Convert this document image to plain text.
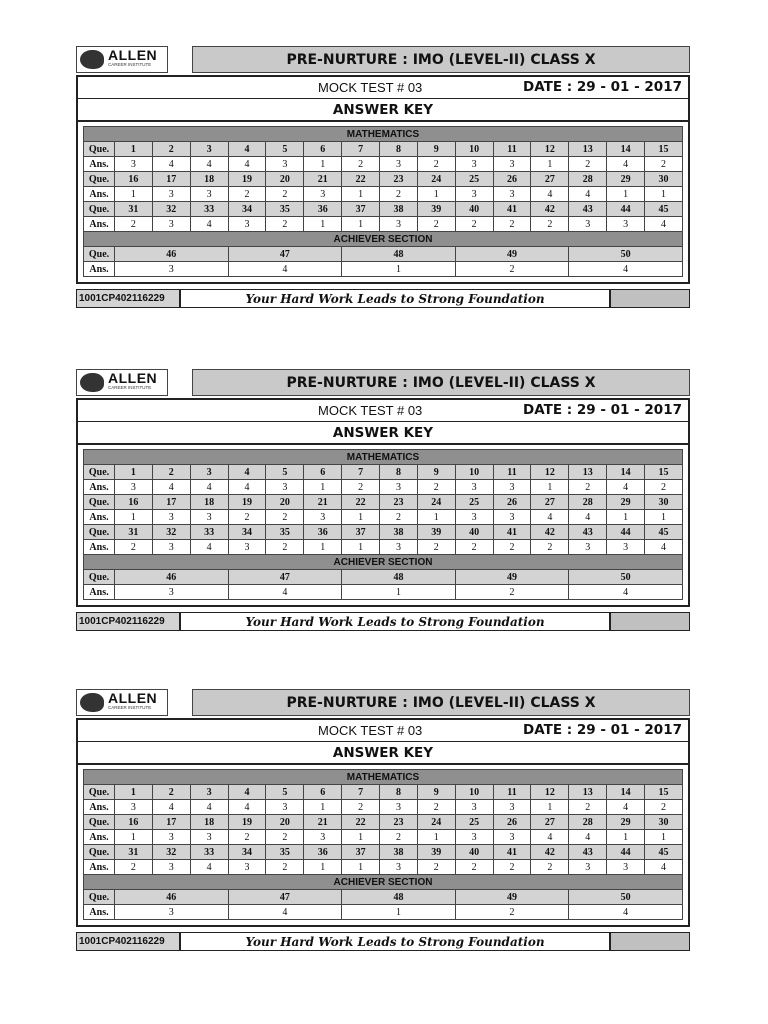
ALLEN
CAREER INSTITUTE	PRE-NURTURE : IMO (LEVEL-II) CLASS X
MOCK TEST # 03	DATE : 29 - 01 - 2017
ANSWER KEY
MATHEMATICS															
Que.	1	2	3	4	5	6	7	8	9	10	11	12	13	14	15
Ans.	3	4	4	4	3	1	2	3	2	3	3	1	2	4	2
Que.	16	17	18	19	20	21	22	23	24	25	26	27	28	29	30
Ans.	1	3	3	2	2	3	1	2	1	3	3	4	4	1	1
Que.	31	32	33	34	35	36	37	38	39	40	41	42	43	44	45
Ans.	2	3	4	3	2	1	1	3	2	2	2	2	3	3	4
ACHIEVER SECTION															
Que.	46			47			48			49			50		
Ans.	3			4			1			2			4		
1001CP402116229	Your Hard Work Leads to Strong Foundation
ALLEN
CAREER INSTITUTE	PRE-NURTURE : IMO (LEVEL-II) CLASS X
MOCK TEST # 03	DATE : 29 - 01 - 2017
ANSWER KEY
MATHEMATICS															
Que.	1	2	3	4	5	6	7	8	9	10	11	12	13	14	15
Ans.	3	4	4	4	3	1	2	3	2	3	3	1	2	4	2
Que.	16	17	18	19	20	21	22	23	24	25	26	27	28	29	30
Ans.	1	3	3	2	2	3	1	2	1	3	3	4	4	1	1
Que.	31	32	33	34	35	36	37	38	39	40	41	42	43	44	45
Ans.	2	3	4	3	2	1	1	3	2	2	2	2	3	3	4
ACHIEVER SECTION															
Que.	46			47			48			49			50		
Ans.	3			4			1			2			4		
1001CP402116229	Your Hard Work Leads to Strong Foundation
ALLEN
CAREER INSTITUTE	PRE-NURTURE : IMO (LEVEL-II) CLASS X
MOCK TEST # 03	DATE : 29 - 01 - 2017
ANSWER KEY
MATHEMATICS															
Que.	1	2	3	4	5	6	7	8	9	10	11	12	13	14	15
Ans.	3	4	4	4	3	1	2	3	2	3	3	1	2	4	2
Que.	16	17	18	19	20	21	22	23	24	25	26	27	28	29	30
Ans.	1	3	3	2	2	3	1	2	1	3	3	4	4	1	1
Que.	31	32	33	34	35	36	37	38	39	40	41	42	43	44	45
Ans.	2	3	4	3	2	1	1	3	2	2	2	2	3	3	4
ACHIEVER SECTION															
Que.	46			47			48			49			50		
Ans.	3			4			1			2			4		
1001CP402116229	Your Hard Work Leads to Strong Foundation
